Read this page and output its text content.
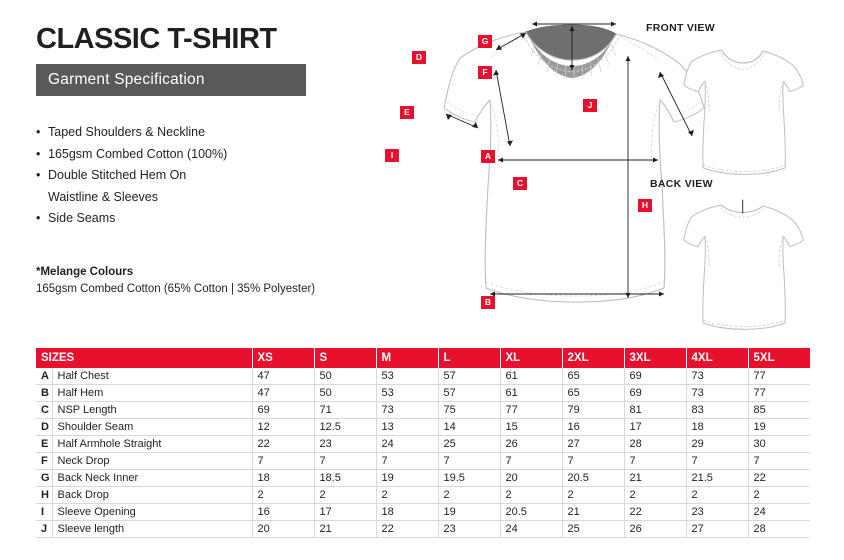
CLASSIC T-SHIRT
Garment Specification
• Taped Shoulders & Neckline
• 165gsm Combed Cotton (100%)
• Double Stitched Hem On
Waistline & Sleeves
• Side Seams
*Melange Colours
165gsm Combed Cotton (65% Cotton | 35% Polyester)
FRONT VIEW
BACK VIEW
A
B
C
D
E
F
G
H
I
J
SIZES		XS	S	M	L	XL	2XL	3XL	4XL	5XL
A	Half Chest	47	50	53	57	61	65	69	73	77
B	Half Hem	47	50	53	57	61	65	69	73	77
C	NSP Length	69	71	73	75	77	79	81	83	85
D	Shoulder Seam	12	12.5	13	14	15	16	17	18	19
E	Half Armhole Straight	22	23	24	25	26	27	28	29	30
F	Neck Drop	7	7	7	7	7	7	7	7	7
G	Back Neck Inner	18	18.5	19	19.5	20	20.5	21	21.5	22
H	Back Drop	2	2	2	2	2	2	2	2	2
I	Sleeve Opening	16	17	18	19	20.5	21	22	23	24
J	Sleeve length	20	21	22	23	24	25	26	27	28
